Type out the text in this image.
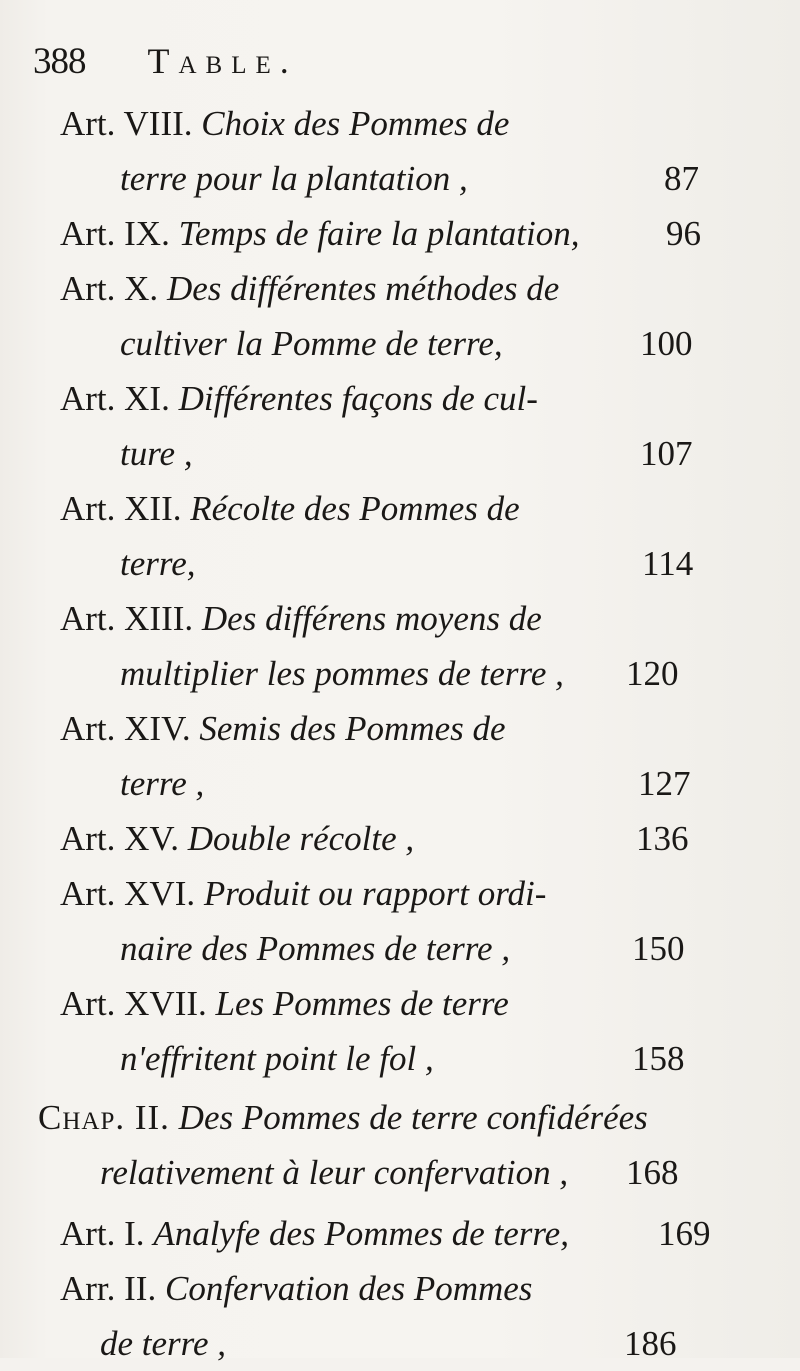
388 Table.
Art. VIII. Choix des Pommes de
terre pour la plantation ,	87
Art. IX. Temps de faire la plantation, 96
Art. X. Des différentes méthodes de
cultiver la Pomme de terre,	100
Art. XI. Différentes façons de cul-
ture ,	107
Art. XII. Récolte des Pommes de
terre,	114
Art. XIII. Des différens moyens de
multiplier les pommes de terre , 120
Art. XIV. Semis des Pommes de
terre ,	127
Art. XV. Double récolte ,	136
Art. XVI. Produit ou rapport ordi-
naire des Pommes de terre ,	150
Art. XVII. Les Pommes de terre
n'effritent point le fol ,	158
Chap. II. Des Pommes de terre confidérées
relativement à leur confervation , 168
Art. I. Analyfe des Pommes de terre,	169
Arr. II. Confervation des Pommes
de terre ,	186
